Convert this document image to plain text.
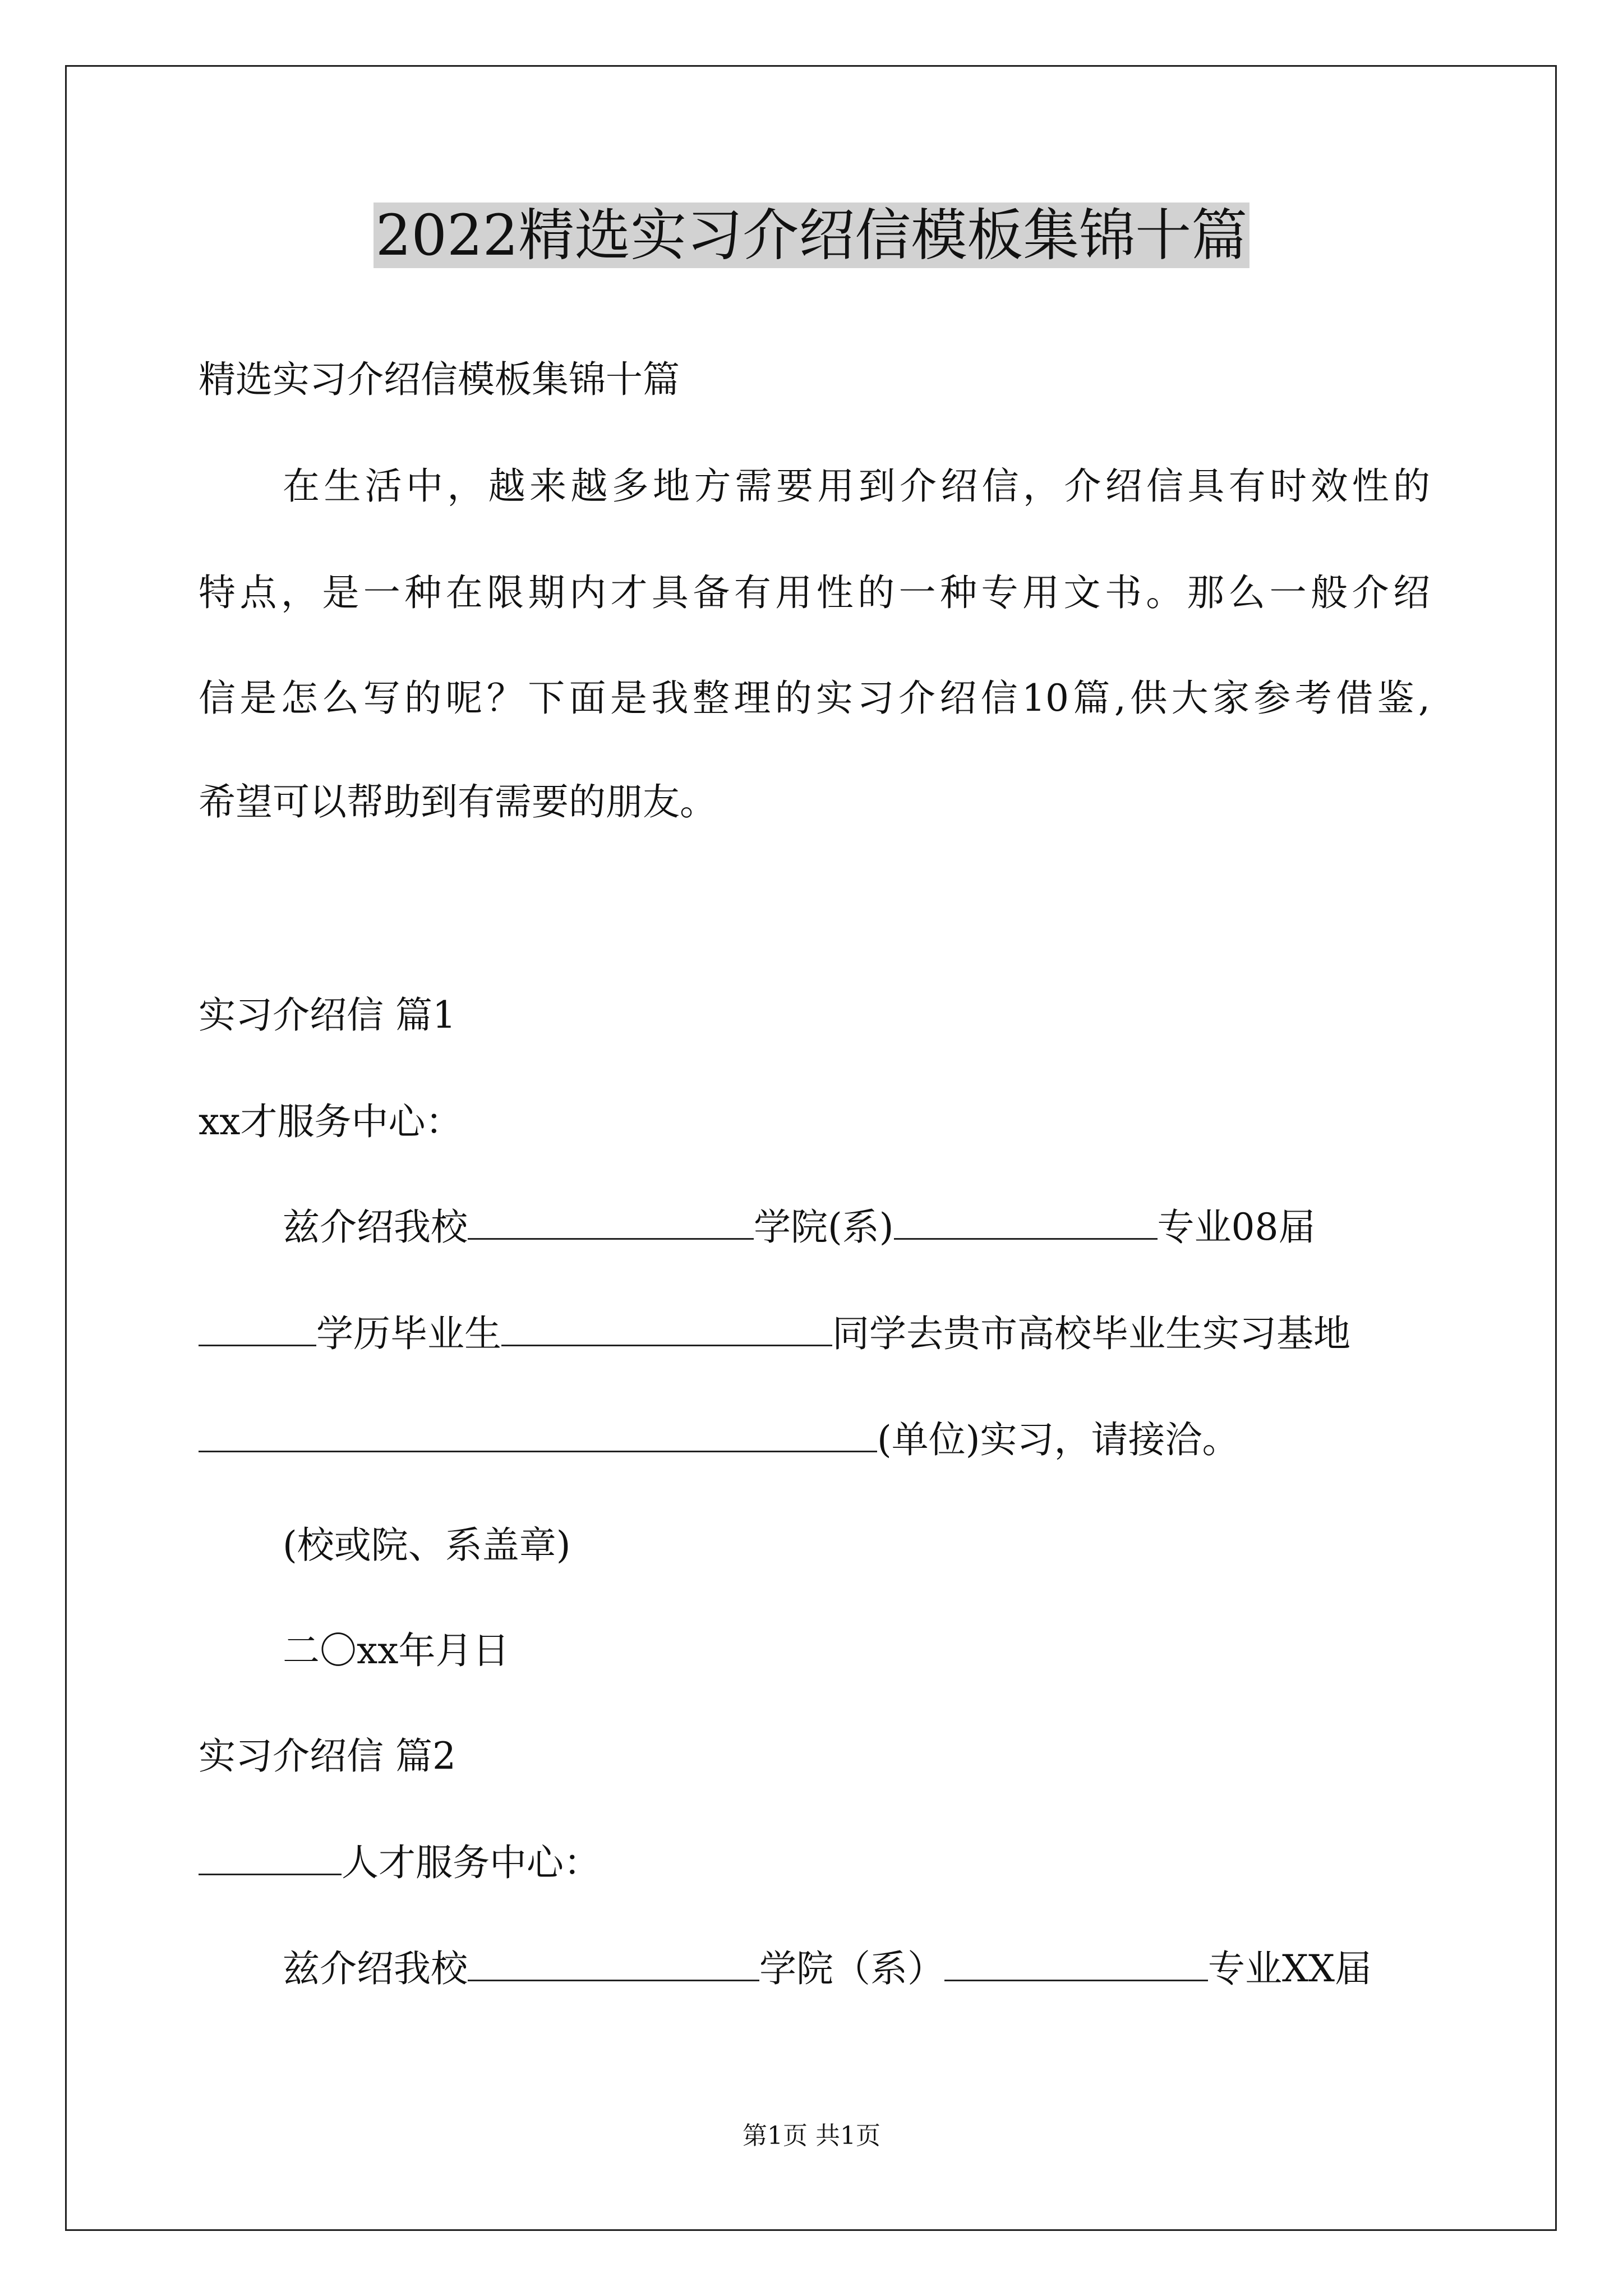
2022精选实习介绍信模板集锦十篇
精选实习介绍信模板集锦十篇
在生活中，越来越多地方需要用到介绍信，介绍信具有时效性的
特点，是一种在限期内才具备有用性的一种专用文书。那么一般介绍
信是怎么写的呢？下面是我整理的实习介绍信10篇,供大家参考借鉴,
希望可以帮助到有需要的朋友。
实习介绍信 篇1
xx才服务中心：
兹介绍我校	学院(系)	专业08届
学历毕业生	同学去贵市高校毕业生实习基地
(单位)实习，请接洽。
(校或院、系盖章)
二〇xx年月日
实习介绍信 篇2
人才服务中心：
兹介绍我校	学院（系）	专业XX届
第1页 共1页
